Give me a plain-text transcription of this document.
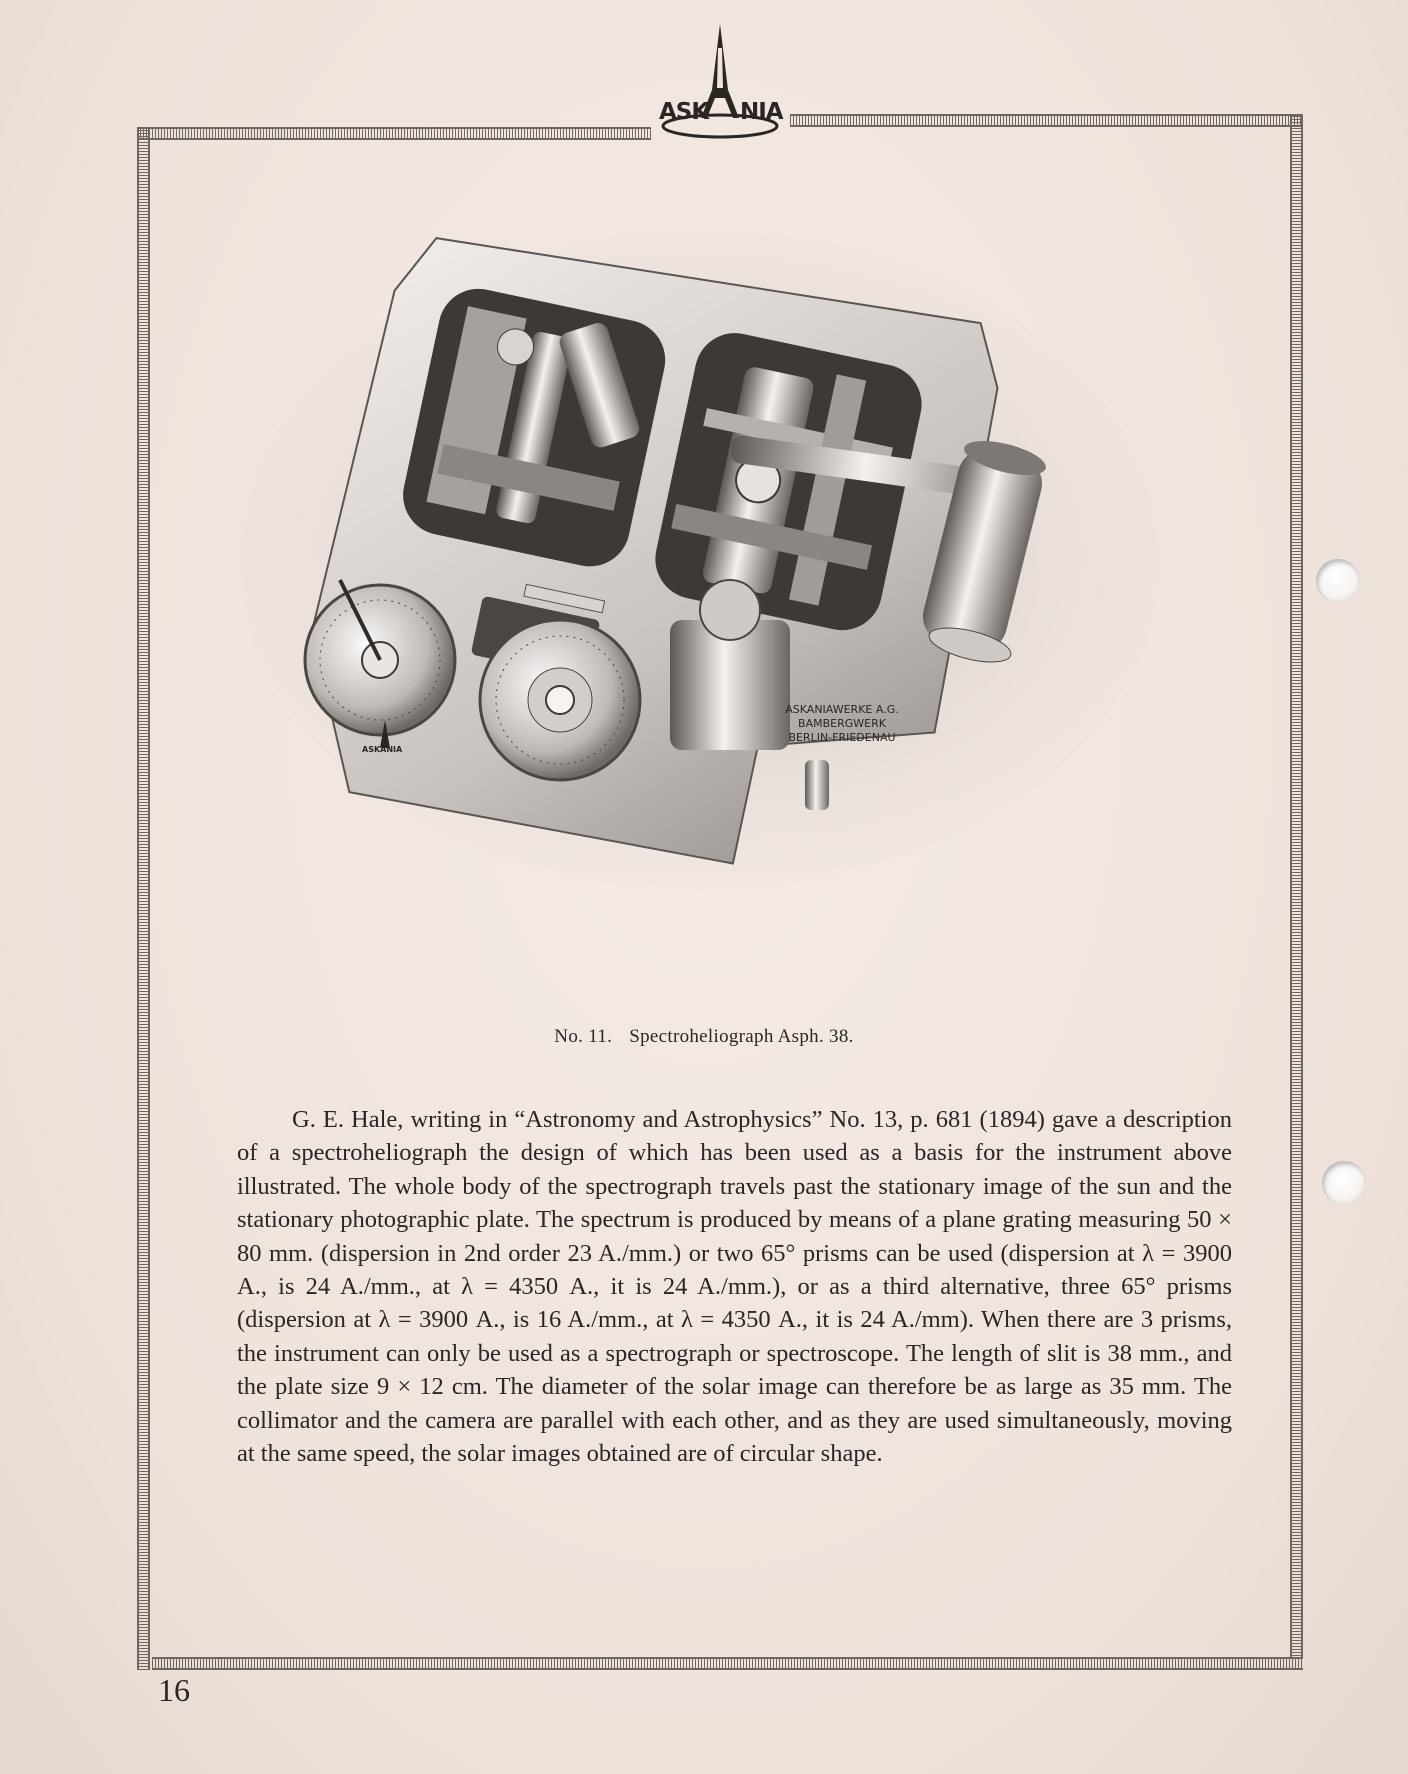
ASK NIA
ASKANIA
ASKANIAWERKE A.G.
BAMBERGWERK
BERLIN-FRIEDENAU
No. 11. Spectroheliograph Asph. 38.

G. E. Hale, writing in “Astronomy and Astrophysics” No. 13, p. 681 (1894) gave a description of a spectroheliograph the design of which has been used as a basis for the instrument above illustrated. The whole body of the spectrograph travels past the stationary image of the sun and the stationary photographic plate. The spectrum is produced by means of a plane grating measuring 50 × 80 mm. (dispersion in 2nd order 23 A./mm.) or two 65° prisms can be used (dispersion at λ = 3900 A., is 24 A./mm., at λ = 4350 A., it is 24 A./mm.), or as a third alternative, three 65° prisms (dispersion at λ = 3900 A., is 16 A./mm., at λ = 4350 A., it is 24 A./mm). When there are 3 prisms, the instrument can only be used as a spectrograph or spectroscope. The length of slit is 38 mm., and the plate size 9 × 12 cm. The diameter of the solar image can therefore be as large as 35 mm. The collimator and the camera are parallel with each other, and as they are used simultaneously, moving at the same speed, the solar images obtained are of circular shape.

16
